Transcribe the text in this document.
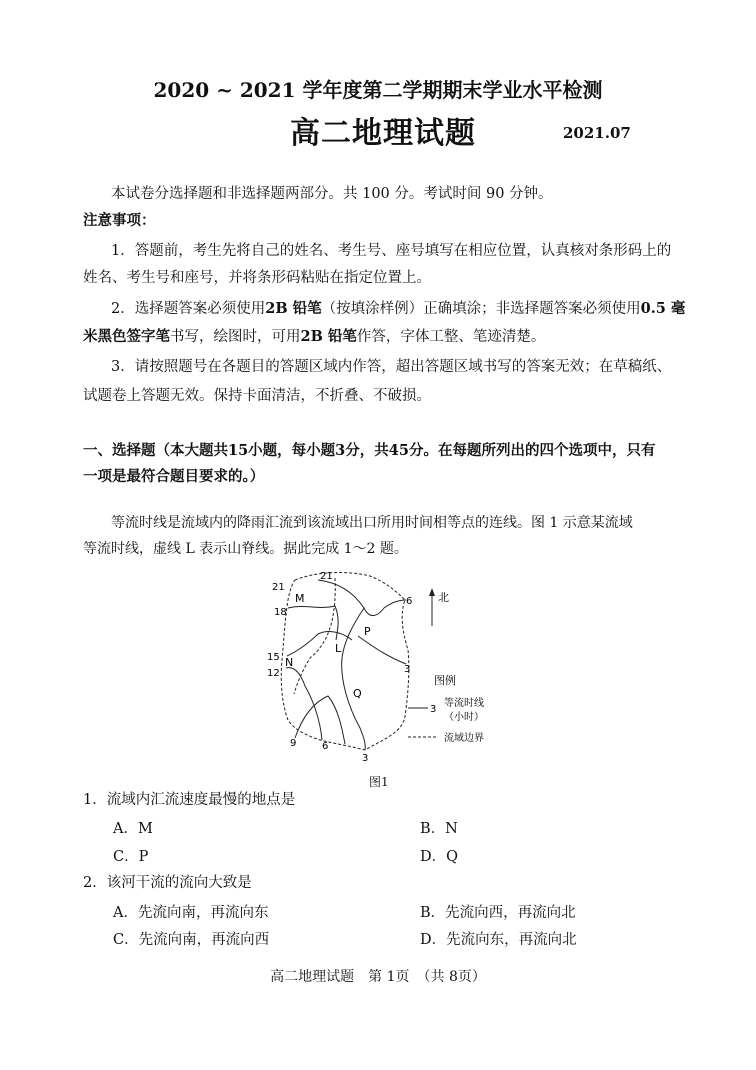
2020 ~ 2021 学年度第二学期期末学业水平检测
高二地理试题	2021.07
本试卷分选择题和非选择题两部分。共 100 分。考试时间 90 分钟。
注意事项：
1．答题前，考生先将自己的姓名、考生号、座号填写在相应位置，认真核对条形码上的
姓名、考生号和座号，并将条形码粘贴在指定位置上。
2．选择题答案必须使用2B 铅笔（按填涂样例）正确填涂；非选择题答案必须使用0.5 毫
米黑色签字笔书写，绘图时，可用2B 铅笔作答，字体工整、笔迹清楚。
3．请按照题号在各题目的答题区域内作答，超出答题区域书写的答案无效；在草稿纸、
试题卷上答题无效。保持卡面清洁，不折叠、不破损。
一、选择题（本大题共15小题，每小题3分，共45分。在每题所列出的四个选项中，只有
一项是最符合题目要求的。）
等流时线是流域内的降雨汇流到该流域出口所用时间相等点的连线。图 1 示意某流域
等流时线，虚线 L 表示山脊线。据此完成 1～2 题。
M
N
P
Q
L
21
21
18
15
12
9	6
6
3
3
北
图例
3
等流时线
（小时）
流域边界
图1
1．流域内汇流速度最慢的地点是
A．M	B．N
C．P	D．Q
2．该河干流的流向大致是
A．先流向南，再流向东	B．先流向西，再流向北
C．先流向南，再流向西	D．先流向东，再流向北
高二地理试题　第 1页　（共 8页）
